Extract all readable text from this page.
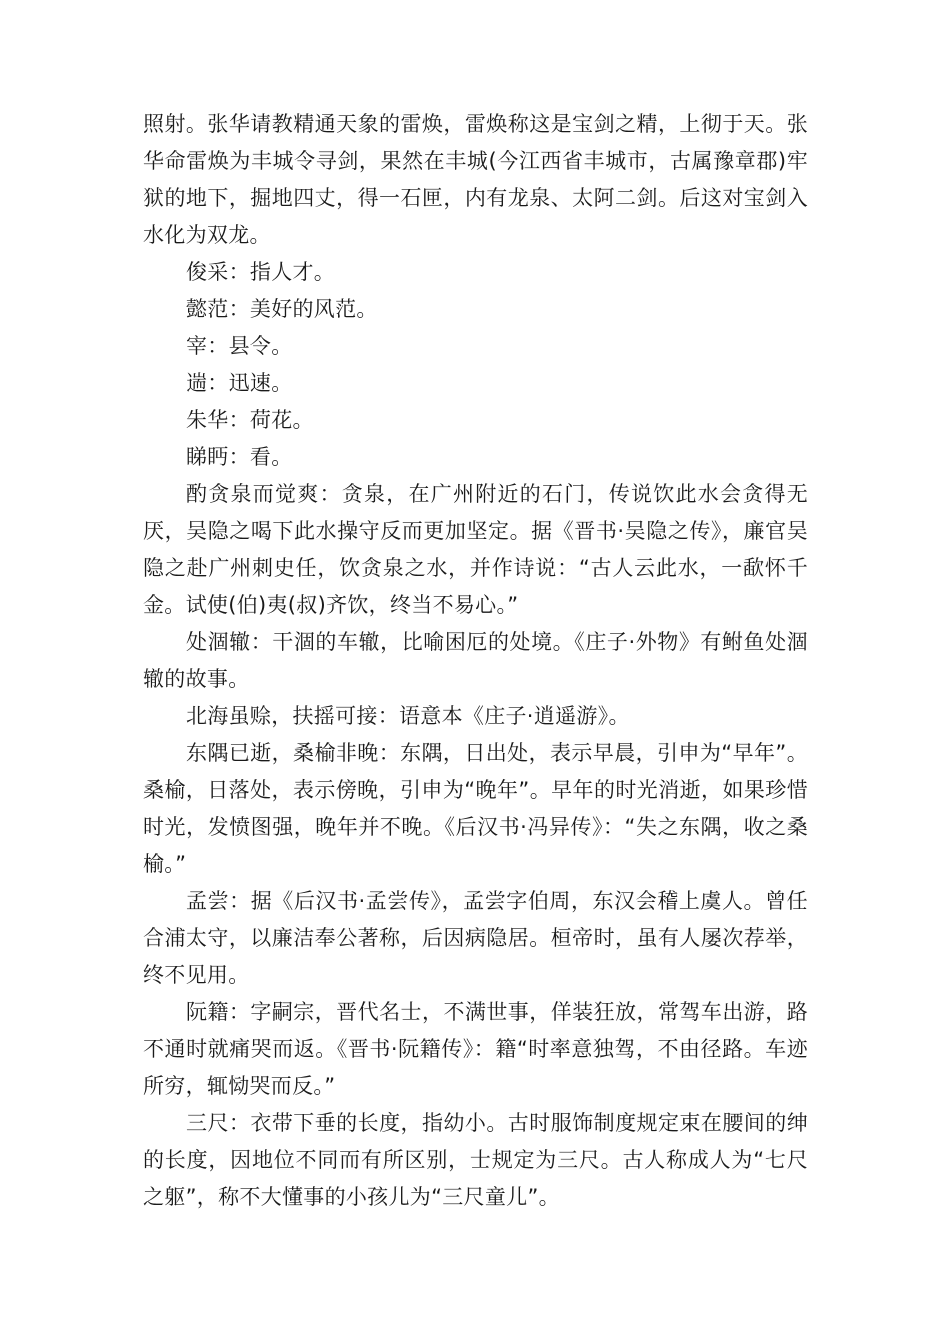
照射。张华请教精通天象的雷焕，雷焕称这是宝剑之精，上彻于天。张华命雷焕为丰城令寻剑，果然在丰城(今江西省丰城市，古属豫章郡)牢狱的地下，掘地四丈，得一石匣，内有龙泉、太阿二剑。后这对宝剑入水化为双龙。

俊采：指人才。

懿范：美好的风范。

宰：县令。

遄：迅速。

朱华：荷花。

睇眄：看。

酌贪泉而觉爽：贪泉，在广州附近的石门，传说饮此水会贪得无厌，吴隐之喝下此水操守反而更加坚定。据《晋书·吴隐之传》，廉官吴隐之赴广州刺史任，饮贪泉之水，并作诗说：“古人云此水，一歃怀千金。试使(伯)夷(叔)齐饮，终当不易心。”

处涸辙：干涸的车辙，比喻困厄的处境。《庄子·外物》有鲋鱼处涸辙的故事。

北海虽赊，扶摇可接：语意本《庄子·逍遥游》。

东隅已逝，桑榆非晚：东隅，日出处，表示早晨，引申为“早年”。桑榆，日落处，表示傍晚，引申为“晚年”。早年的时光消逝，如果珍惜时光，发愤图强，晚年并不晚。《后汉书·冯异传》：“失之东隅，收之桑榆。”

孟尝：据《后汉书·孟尝传》，孟尝字伯周，东汉会稽上虞人。曾任合浦太守，以廉洁奉公著称，后因病隐居。桓帝时，虽有人屡次荐举，终不见用。

阮籍：字嗣宗，晋代名士，不满世事，佯装狂放，常驾车出游，路不通时就痛哭而返。《晋书·阮籍传》：籍“时率意独驾，不由径路。车迹所穷，辄恸哭而反。”

三尺：衣带下垂的长度，指幼小。古时服饰制度规定束在腰间的绅的长度，因地位不同而有所区别，士规定为三尺。古人称成人为“七尺之躯”，称不大懂事的小孩儿为“三尺童儿”。
